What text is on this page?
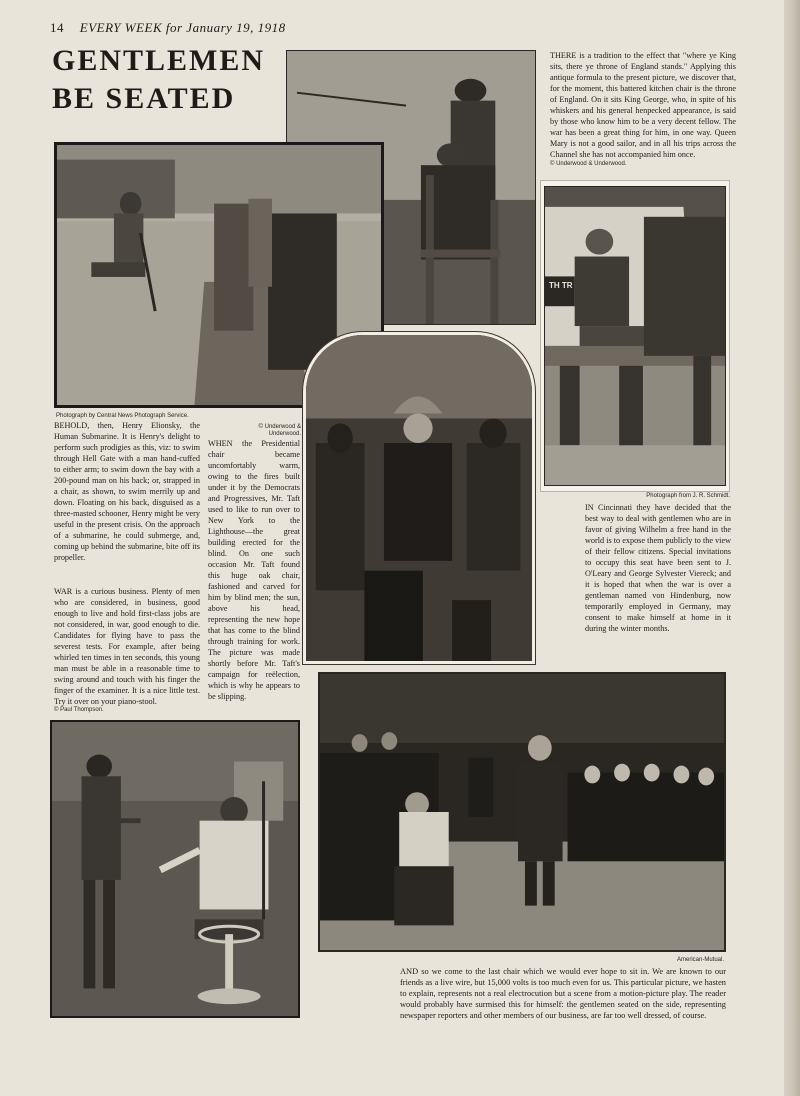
14 EVERY WEEK for January 19, 1918
GENTLEMEN
BE SEATED
THERE is a tradition to the effect that "where ye King sits, there ye throne of England stands." Applying this antique formula to the present picture, we discover that, for the moment, this battered kitchen chair is the throne of England. On it sits King George, who, in spite of his whiskers and his general henpecked appearance, is said by those who know him to be a very decent fellow. The war has been a great thing for him, in one way. Queen Mary is not a good sailor, and in all his trips across the Channel she has not accompanied him once.
© Underwood & Underwood.
Photograph by Central News Photograph Service.
BEHOLD, then, Henry Elionsky, the Human Submarine. It is Henry's delight to perform such prodigies as this, viz: to swim through Hell Gate with a man hand-cuffed to either arm; to swim down the bay with a 200-pound man on his back; or, strapped in a chair, as shown, to swim merrily up and down. Floating on his back, disguised as a three-masted schooner, Henry might be very useful in the present crisis. On the approach of a submarine, he could submerge, and, coming up behind the submarine, bite off its propeller.
© Underwood & Underwood.
WHEN the Presidential chair became uncomfortably warm, owing to the fires built under it by the Democrats and Progressives, Mr. Taft used to like to run over to New York to the Lighthouse—the great building erected for the blind. On one such occasion Mr. Taft found this huge oak chair, fashioned and carved for him by blind men; the sun, above his head, representing the new hope that has come to the blind through training for work. The picture was made shortly before Mr. Taft's campaign for reëlection, which is why he appears to be slipping.
WAR is a curious business. Plenty of men who are considered, in business, good enough to live and hold first-class jobs are not considered, in war, good enough to die. Candidates for flying have to pass the severest tests. For example, after being whirled ten times in ten seconds, this young man must be able in a reasonable time to swing around and touch with his finger the finger of the examiner. It is a nice little test. Try it over on your piano-stool.
© Paul Thompson.
TH TR
Photograph from J. R. Schmidt.
IN Cincinnati they have decided that the best way to deal with gentlemen who are in favor of giving Wilhelm a free hand in the world is to expose them publicly to the view of their fellow citizens. Special invitations to occupy this seat have been sent to J. O'Leary and George Sylvester Viereck; and it is hoped that when the war is over a gentleman named von Hindenburg, now temporarily employed in Germany, may consent to make himself at home in it during the winter months.
American-Mutual.
AND so we come to the last chair which we would ever hope to sit in. We are known to our friends as a live wire, but 15,000 volts is too much even for us. This particular picture, we hasten to explain, represents not a real electrocution but a scene from a motion-picture play. The reader would probably have surmised this for himself: the gentlemen seated on the side, representing newspaper reporters and other members of our business, are far too well dressed, of course.
